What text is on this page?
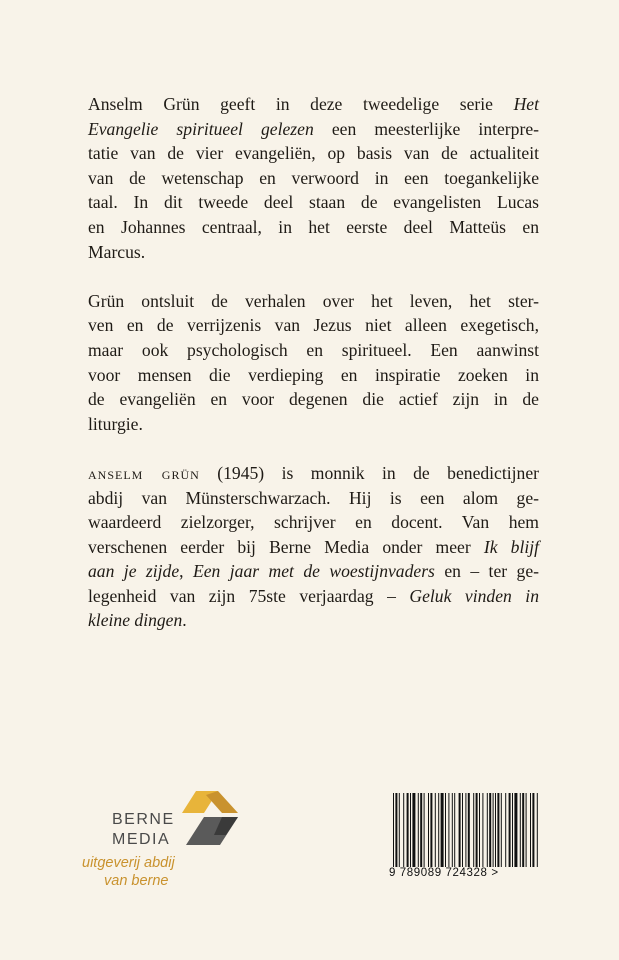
Anselm Grün geeft in deze tweedelige serie Het
Evangelie spiritueel gelezen een meesterlijke interpre-
tatie van de vier evangeliën, op basis van de actualiteit
van de wetenschap en verwoord in een toegankelijke
taal. In dit tweede deel staan de evangelisten Lucas
en Johannes centraal, in het eerste deel Matteüs en
Marcus.

Grün ontsluit de verhalen over het leven, het ster-
ven en de verrijzenis van Jezus niet alleen exegetisch,
maar ook psychologisch en spiritueel. Een aanwinst
voor mensen die verdieping en inspiratie zoeken in
de evangeliën en voor degenen die actief zijn in de
liturgie.

anselm grün (1945) is monnik in de benedictijner
abdij van Münsterschwarzach. Hij is een alom ge-
waardeerd zielzorger, schrijver en docent. Van hem
verschenen eerder bij Berne Media onder meer Ik blijf
aan je zijde, Een jaar met de woestijnvaders en – ter ge-
legenheid van zijn 75ste verjaardag – Geluk vinden in
kleine dingen.

BERNE
MEDIA
uitgeverij abdij
van berne	9 789089 724328 >
